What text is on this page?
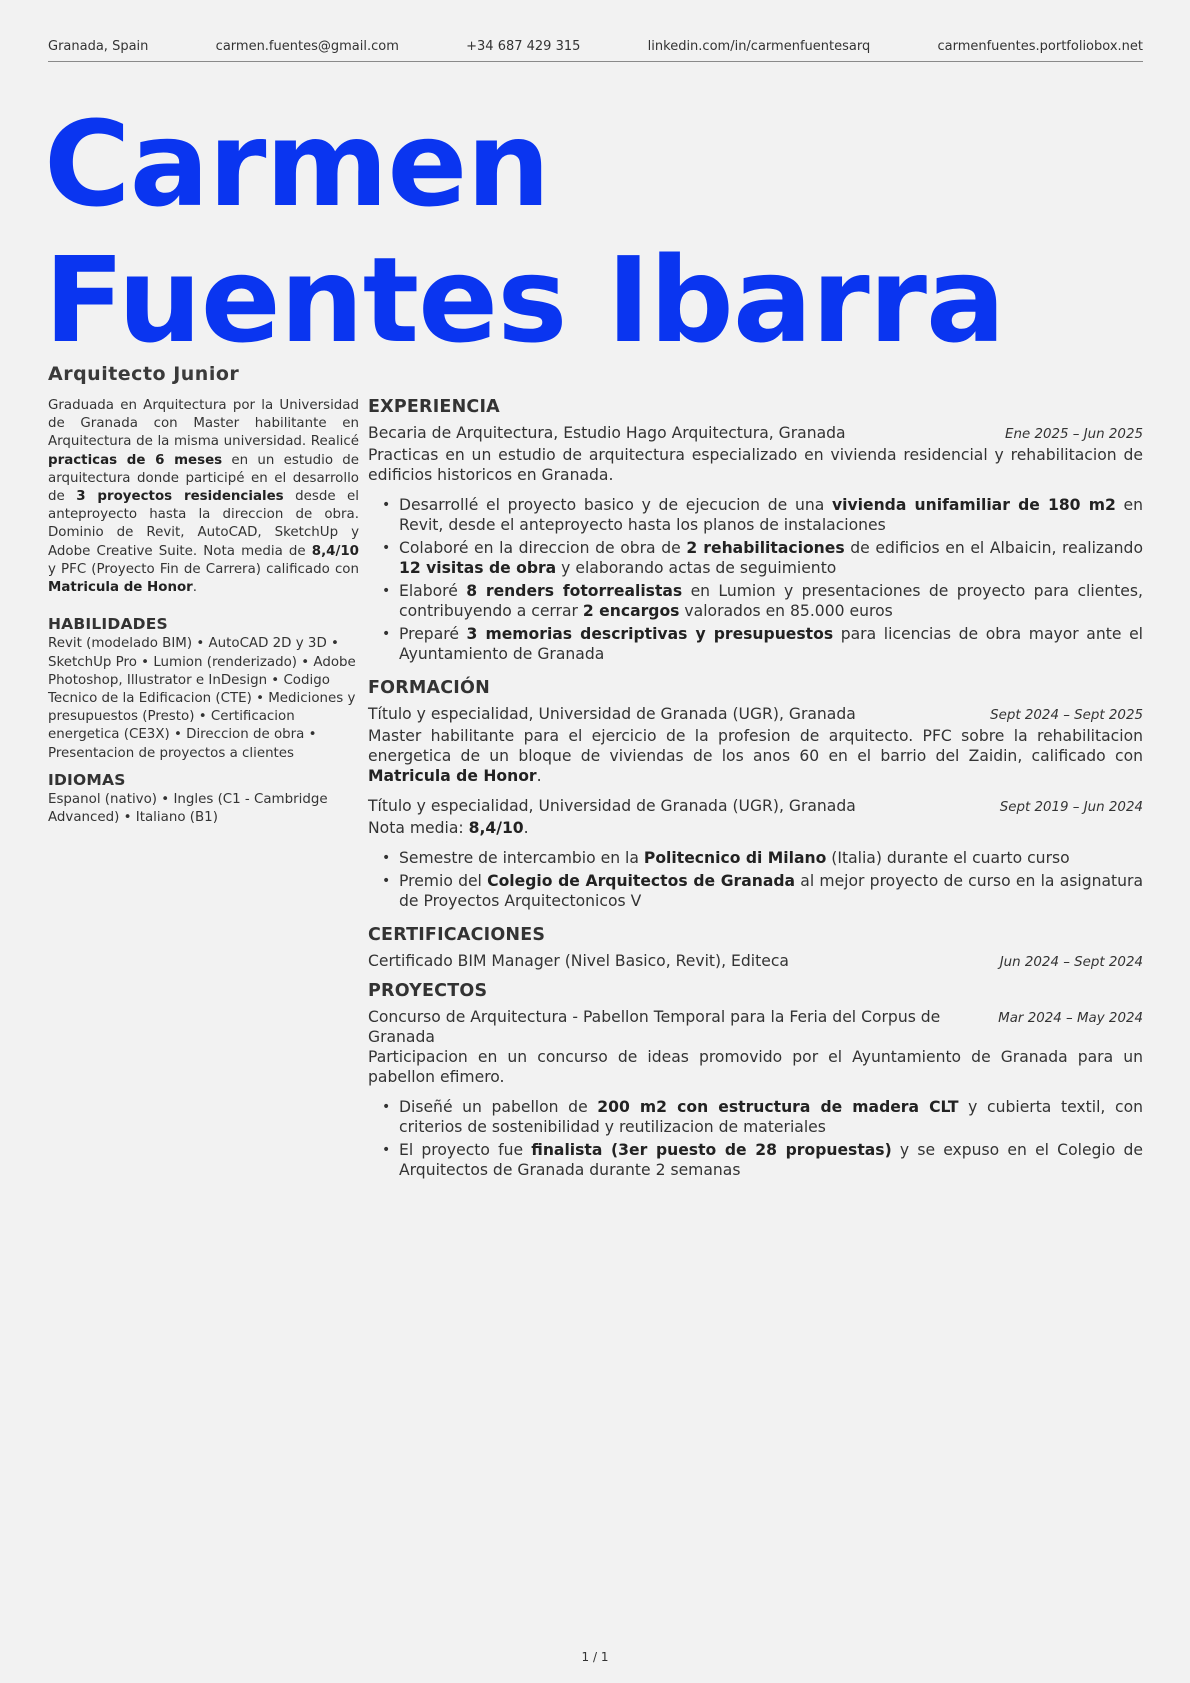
Granada, Spain	carmen.fuentes@gmail.com	+34 687 429 315	linkedin.com/in/carmenfuentesarq	carmenfuentes.portfoliobox.net
Carmen
Fuentes Ibarra
Arquitecto Junior

Graduada en Arquitectura por la Universidad de Granada con Master habilitante en Arquitectura de la misma universidad. Realicé practicas de 6 meses en un estudio de arquitectura donde participé en el desarrollo de 3 proyectos residenciales desde el anteproyecto hasta la direccion de obra. Dominio de Revit, AutoCAD, SketchUp y Adobe Creative Suite. Nota media de 8,4/10 y PFC (Proyecto Fin de Carrera) calificado con Matricula de Honor.

HABILIDADES

Revit (modelado BIM) • AutoCAD 2D y 3D • SketchUp Pro • Lumion (renderizado) • Adobe Photoshop, Illustrator e InDesign • Codigo Tecnico de la Edificacion (CTE) • Mediciones y presupuestos (Presto) • Certificacion energetica (CE3X) • Direccion de obra • Presentacion de proyectos a clientes

IDIOMAS

Espanol (nativo) • Ingles (C1 - Cambridge Advanced) • Italiano (B1)

EXPERIENCIA
Becaria de Arquitectura, Estudio Hago Arquitectura, Granada	Ene 2025 – Jun 2025

Practicas en un estudio de arquitectura especializado en vivienda residencial y rehabilitacion de edificios historicos en Granada.

• Desarrollé el proyecto basico y de ejecucion de una vivienda unifamiliar de 180 m2 en Revit, desde el anteproyecto hasta los planos de instalaciones
• Colaboré en la direccion de obra de 2 rehabilitaciones de edificios en el Albaicin, realizando 12 visitas de obra y elaborando actas de seguimiento
• Elaboré 8 renders fotorrealistas en Lumion y presentaciones de proyecto para clientes, contribuyendo a cerrar 2 encargos valorados en 85.000 euros
• Preparé 3 memorias descriptivas y presupuestos para licencias de obra mayor ante el Ayuntamiento de Granada
FORMACIÓN
Título y especialidad, Universidad de Granada (UGR), Granada	Sept 2024 – Sept 2025

Master habilitante para el ejercicio de la profesion de arquitecto. PFC sobre la rehabilitacion energetica de un bloque de viviendas de los anos 60 en el barrio del Zaidin, calificado con Matricula de Honor.

Título y especialidad, Universidad de Granada (UGR), Granada	Sept 2019 – Jun 2024

Nota media: 8,4/10.

• Semestre de intercambio en la Politecnico di Milano (Italia) durante el cuarto curso
• Premio del Colegio de Arquitectos de Granada al mejor proyecto de curso en la asignatura de Proyectos Arquitectonicos V
CERTIFICACIONES
Certificado BIM Manager (Nivel Basico, Revit), Editeca	Jun 2024 – Sept 2024
PROYECTOS
Concurso de Arquitectura - Pabellon Temporal para la Feria del Corpus de Granada
Mar 2024 – May 2024

Participacion en un concurso de ideas promovido por el Ayuntamiento de Granada para un pabellon efimero.

• Diseñé un pabellon de 200 m2 con estructura de madera CLT y cubierta textil, con criterios de sostenibilidad y reutilizacion de materiales
• El proyecto fue finalista (3er puesto de 28 propuestas) y se expuso en el Colegio de Arquitectos de Granada durante 2 semanas
1 / 1
